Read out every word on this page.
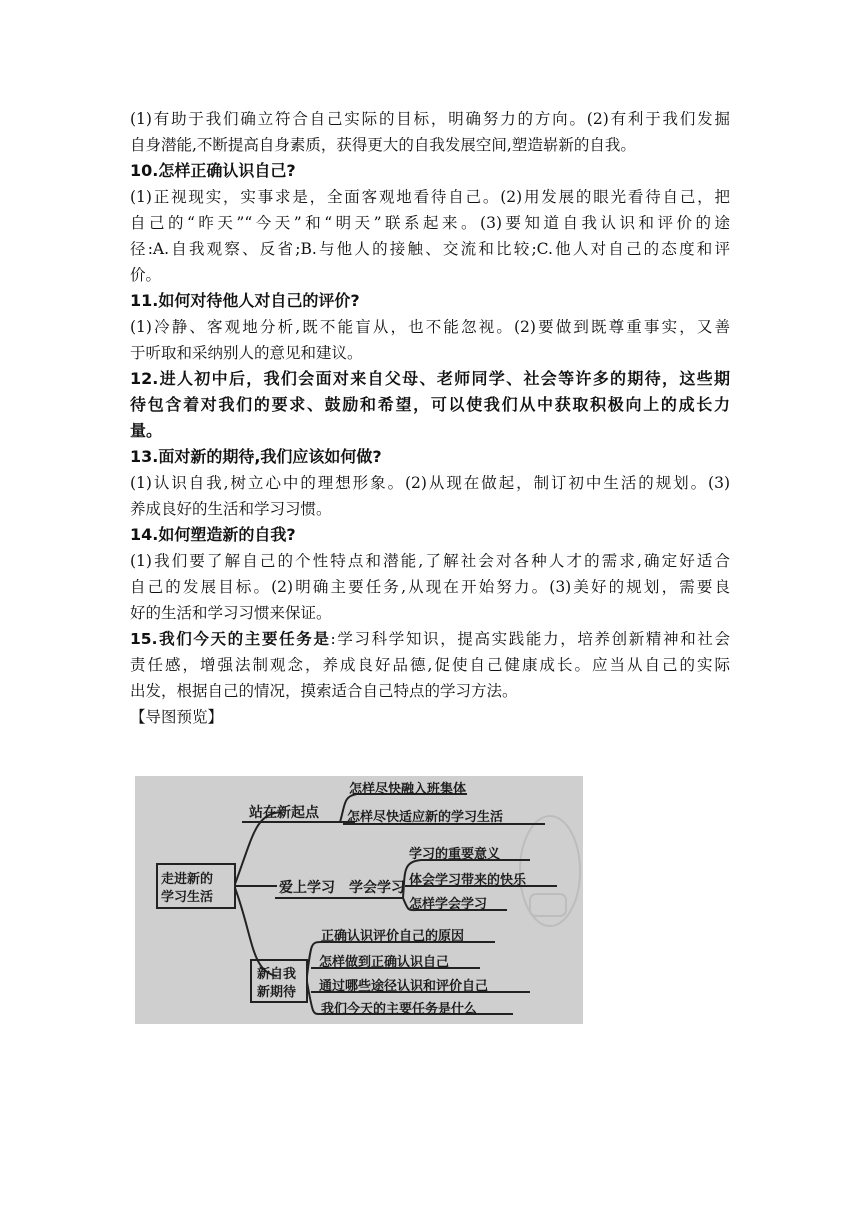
(1)有助于我们确立符合自己实际的目标，明确努力的方向。(2)有利于我们发掘

自身潜能,不断提高自身素质，获得更大的自我发展空间,塑造崭新的自我。

10.怎样正确认识自己?

(1)正视现实，实事求是，全面客观地看待自己。(2)用发展的眼光看待自己，把

自己的“昨天”“今天”和“明天”联系起来。(3)要知道自我认识和评价的途

径:A.自我观察、反省;B.与他人的接触、交流和比较;C.他人对自己的态度和评

价。

11.如何对待他人对自己的评价?

(1)冷静、客观地分析,既不能盲从，也不能忽视。(2)要做到既尊重事实，又善

于听取和采纳别人的意见和建议。

12.进人初中后，我们会面对来自父母、老师同学、社会等许多的期待，这些期

待包含着对我们的要求、鼓励和希望，可以使我们从中获取积极向上的成长力

量。

13.面对新的期待,我们应该如何做?

(1)认识自我,树立心中的理想形象。(2)从现在做起，制订初中生活的规划。(3)

养成良好的生活和学习习惯。

14.如何塑造新的自我?

(1)我们要了解自己的个性特点和潜能,了解社会对各种人才的需求,确定好适合

自己的发展目标。(2)明确主要任务,从现在开始努力。(3)美好的规划，需要良

好的生活和学习习惯来保证。

15.我们今天的主要任务是:学习科学知识，提高实践能力，培养创新精神和社会

责任感，增强法制观念，养成良好品德,促使自己健康成长。应当从自己的实际

出发，根据自己的情况，摸索适合自己特点的学习方法。

【导图预览】

走进新的
学习生活
站在新起点
怎样尽快融入班集体
怎样尽快适应新的学习生活
爱上学习　学会学习
学习的重要意义
体会学习带来的快乐
怎样学会学习
新自我
新期待
正确认识评价自己的原因
怎样做到正确认识自己
通过哪些途径认识和评价自己
我们今天的主要任务是什么
